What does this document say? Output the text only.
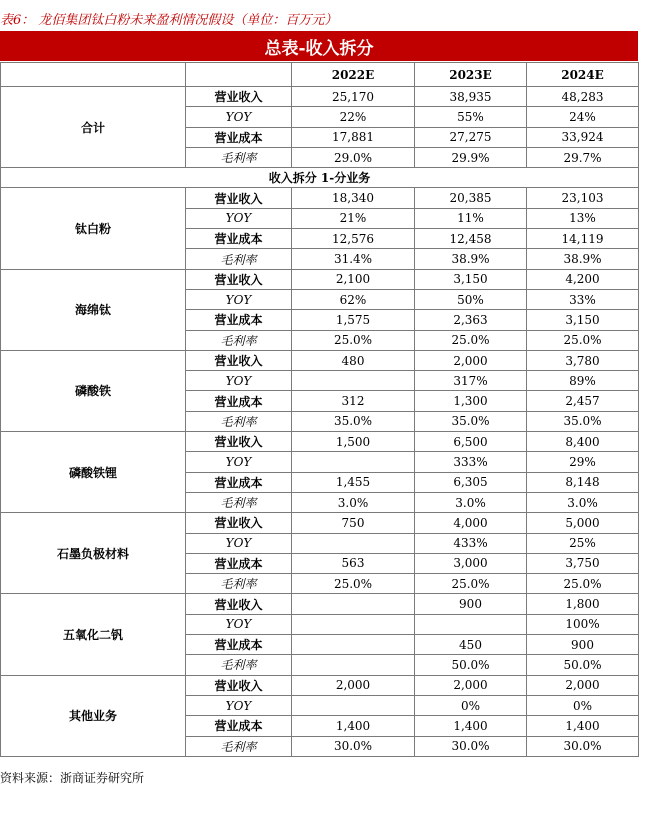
表6： 龙佰集团钛白粉未来盈利情况假设（单位：百万元）
总表-收入拆分
		2022E	2023E	2024E
合计	营业收入	25,170	38,935	48,283
	YOY	22%	55%	24%
	营业成本	17,881	27,275	33,924
	毛利率	29.0%	29.9%	29.7%
收入拆分 1-分业务				
钛白粉	营业收入	18,340	20,385	23,103
	YOY	21%	11%	13%
	营业成本	12,576	12,458	14,119
	毛利率	31.4%	38.9%	38.9%
海绵钛	营业收入	2,100	3,150	4,200
	YOY	62%	50%	33%
	营业成本	1,575	2,363	3,150
	毛利率	25.0%	25.0%	25.0%
磷酸铁	营业收入	480	2,000	3,780
	YOY		317%	89%
	营业成本	312	1,300	2,457
	毛利率	35.0%	35.0%	35.0%
磷酸铁锂	营业收入	1,500	6,500	8,400
	YOY		333%	29%
	营业成本	1,455	6,305	8,148
	毛利率	3.0%	3.0%	3.0%
石墨负极材料	营业收入	750	4,000	5,000
	YOY		433%	25%
	营业成本	563	3,000	3,750
	毛利率	25.0%	25.0%	25.0%
五氧化二钒	营业收入		900	1,800
	YOY			100%
	营业成本		450	900
	毛利率		50.0%	50.0%
其他业务	营业收入	2,000	2,000	2,000
	YOY		0%	0%
	营业成本	1,400	1,400	1,400
	毛利率	30.0%	30.0%	30.0%
资料来源：浙商证券研究所
